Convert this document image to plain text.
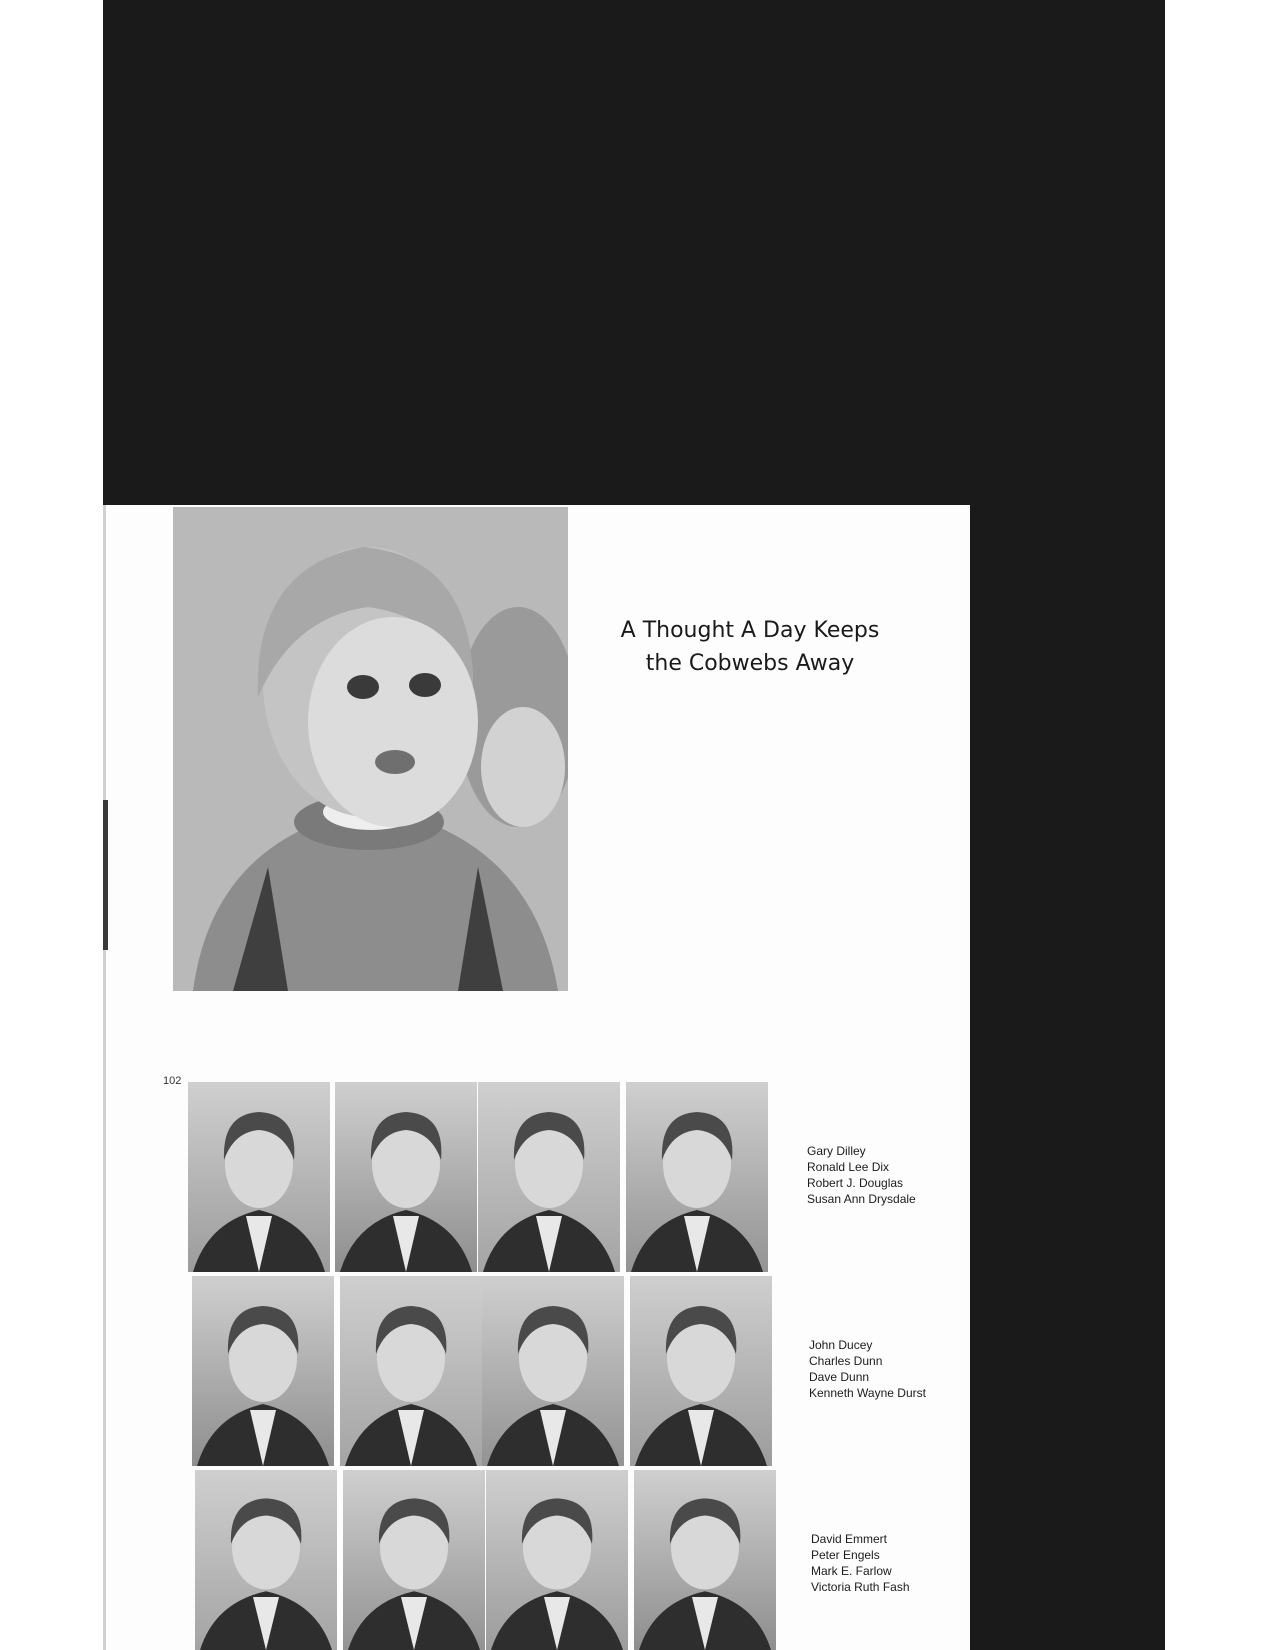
A Thought A Day Keeps
the Cobwebs Away
102
Gary Dilley
Ronald Lee Dix
Robert J. Douglas
Susan Ann Drysdale
John Ducey
Charles Dunn
Dave Dunn
Kenneth Wayne Durst
David Emmert
Peter Engels
Mark E. Farlow
Victoria Ruth Fash
